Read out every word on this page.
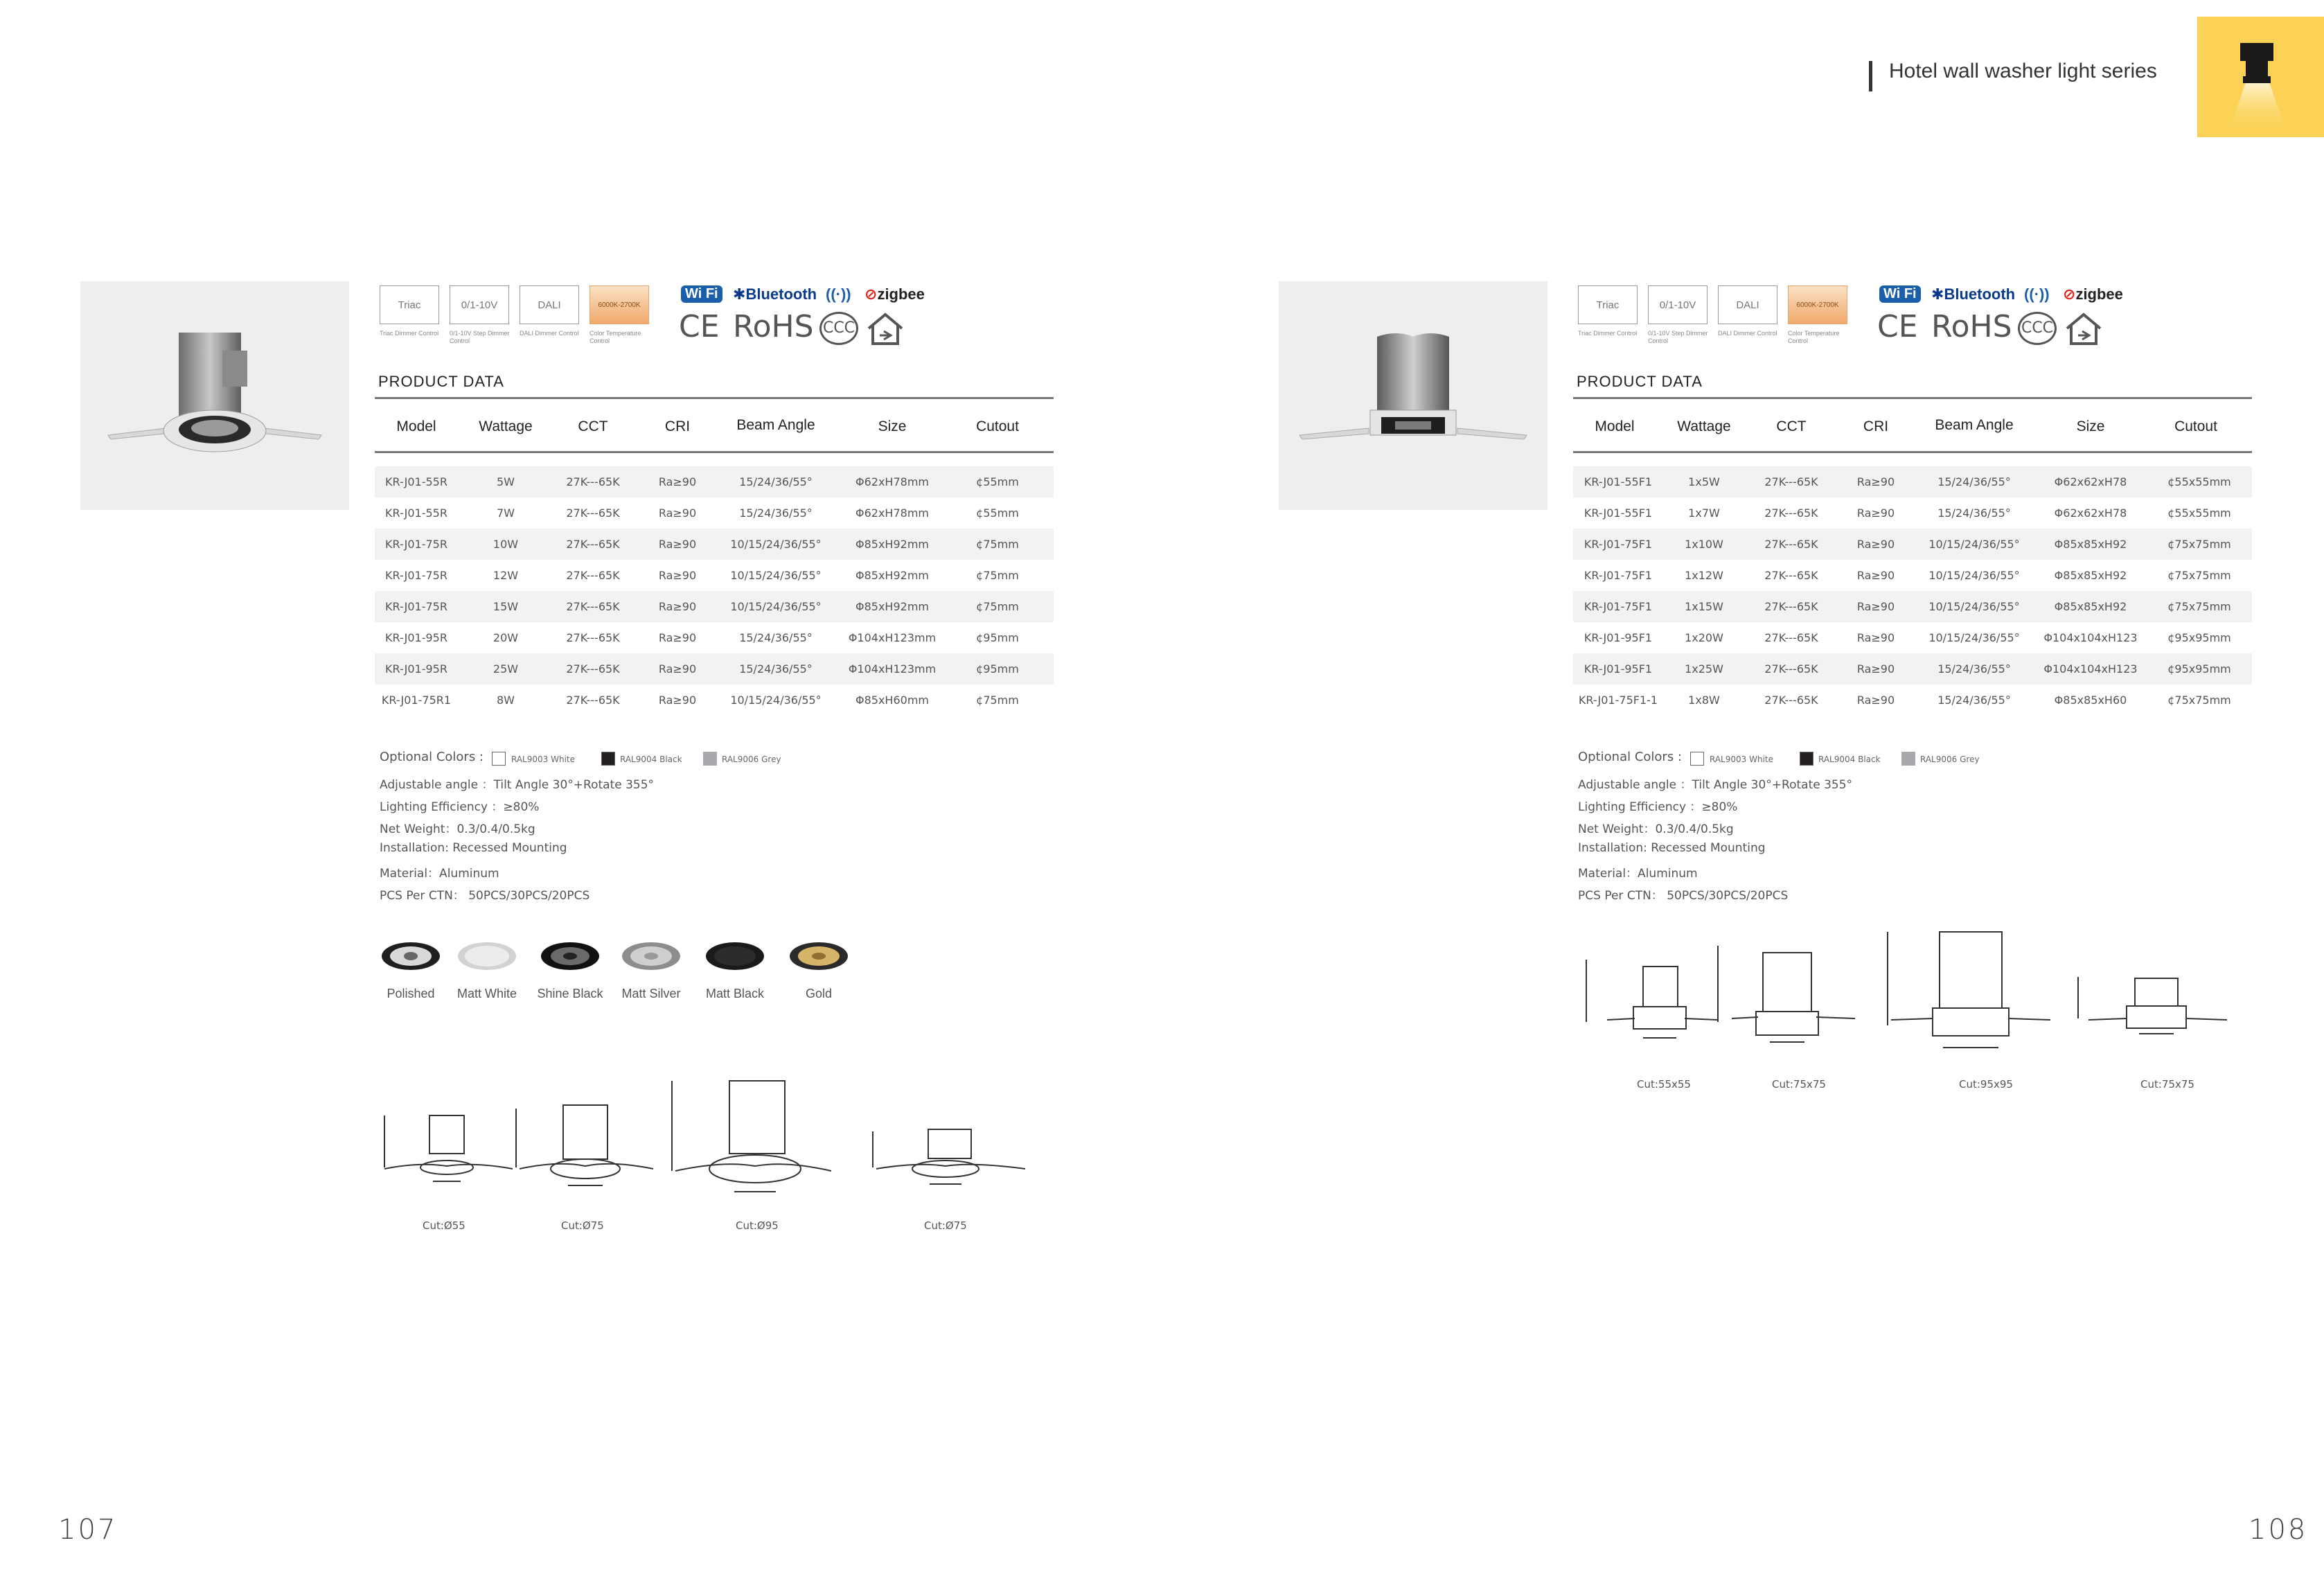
Hotel wall washer light series
Triac	0/1-10V	DALI	6000K-2700K
Triac Dimmer Control	0/1-10V Step Dimmer Control
DALI Dimmer Control	Color Temperature Control
Wi Fi ✱Bluetooth ((·)) ⊘zigbee
CE RoHS CCC
PRODUCT DATA
Model	Wattage	CCT	CRI	Beam Angle	Size	Cutout
KR-J01-55R	5W	27K---65K	Ra≥90	15/24/36/55°	Φ62xH78mm	¢55mm
KR-J01-55R	7W	27K---65K	Ra≥90	15/24/36/55°	Φ62xH78mm	¢55mm
KR-J01-75R	10W	27K---65K	Ra≥90	10/15/24/36/55°	Φ85xH92mm	¢75mm
KR-J01-75R	12W	27K---65K	Ra≥90	10/15/24/36/55°	Φ85xH92mm	¢75mm
KR-J01-75R	15W	27K---65K	Ra≥90	10/15/24/36/55°	Φ85xH92mm	¢75mm
KR-J01-95R	20W	27K---65K	Ra≥90	15/24/36/55°	Φ104xH123mm	¢95mm
KR-J01-95R	25W	27K---65K	Ra≥90	15/24/36/55°	Φ104xH123mm	¢95mm
KR-J01-75R1	8W	27K---65K	Ra≥90	10/15/24/36/55°	Φ85xH60mm	¢75mm
Optional Colors :	RAL9003 White	RAL9004 Black	RAL9006 Grey
Adjustable angle ：Tilt Angle 30°+Rotate 355°
Lighting Efficiency ：≥80%
Net Weight：0.3/0.4/0.5kg
Installation: Recessed Mounting
Material：Aluminum
PCS Per CTN： 50PCS/30PCS/20PCS
Polished	Matt White	Shine Black	Matt Silver	Matt Black	Gold
Cut:Ø55	Cut:Ø75	Cut:Ø95	Cut:Ø75
107
Triac	0/1-10V	DALI	6000K-2700K
Triac Dimmer Control	0/1-10V Step Dimmer Control
DALI Dimmer Control	Color Temperature Control
Wi Fi ✱Bluetooth ((·)) ⊘zigbee
CE RoHS CCC
PRODUCT DATA
Model	Wattage	CCT	CRI	Beam Angle	Size	Cutout
KR-J01-55F1	1x5W	27K---65K	Ra≥90	15/24/36/55°	Φ62x62xH78	¢55x55mm
KR-J01-55F1	1x7W	27K---65K	Ra≥90	15/24/36/55°	Φ62x62xH78	¢55x55mm
KR-J01-75F1	1x10W	27K---65K	Ra≥90	10/15/24/36/55°	Φ85x85xH92	¢75x75mm
KR-J01-75F1	1x12W	27K---65K	Ra≥90	10/15/24/36/55°	Φ85x85xH92	¢75x75mm
KR-J01-75F1	1x15W	27K---65K	Ra≥90	10/15/24/36/55°	Φ85x85xH92	¢75x75mm
KR-J01-95F1	1x20W	27K---65K	Ra≥90	10/15/24/36/55°	Φ104x104xH123	¢95x95mm
KR-J01-95F1	1x25W	27K---65K	Ra≥90	15/24/36/55°	Φ104x104xH123	¢95x95mm
KR-J01-75F1-1	1x8W	27K---65K	Ra≥90	15/24/36/55°	Φ85x85xH60	¢75x75mm
Optional Colors :	RAL9003 White	RAL9004 Black	RAL9006 Grey
Adjustable angle ：Tilt Angle 30°+Rotate 355°
Lighting Efficiency ：≥80%
Net Weight：0.3/0.4/0.5kg
Installation: Recessed Mounting
Material：Aluminum
PCS Per CTN： 50PCS/30PCS/20PCS
Cut:55x55	Cut:75x75	Cut:95x95	Cut:75x75
108
